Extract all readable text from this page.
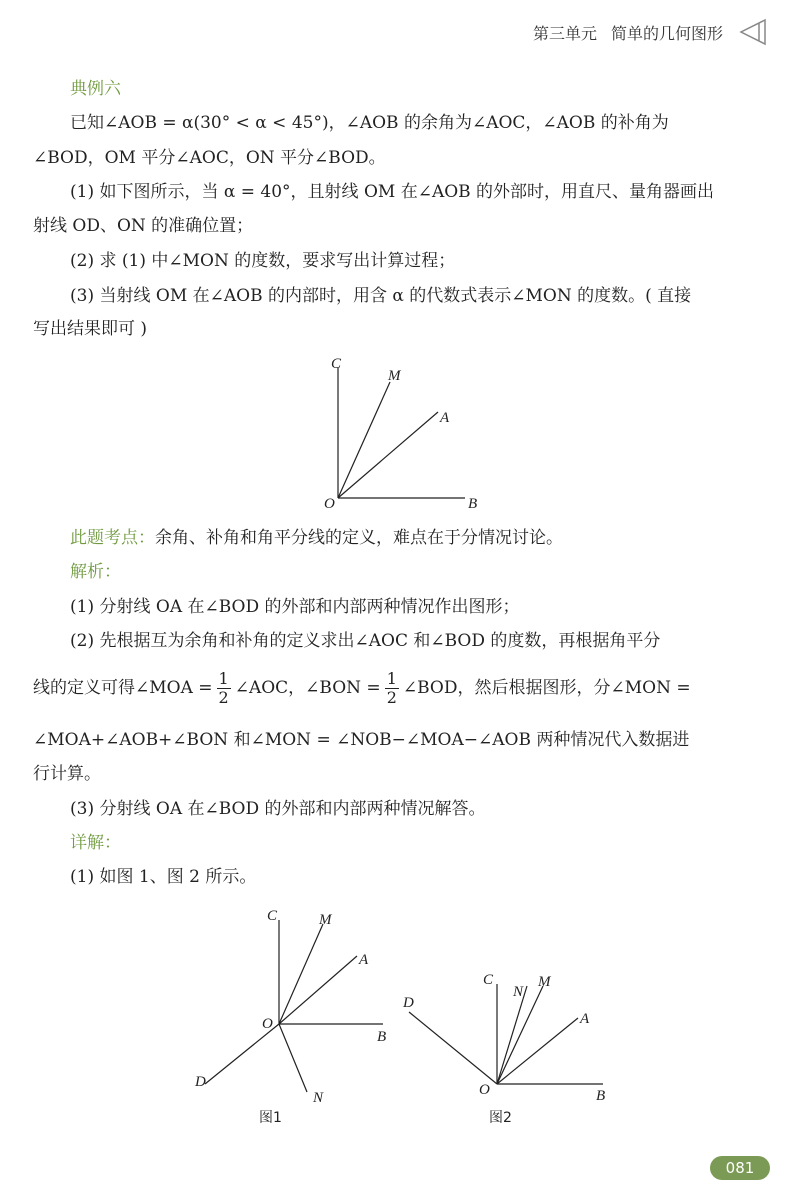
第三单元 简单的几何图形
典例六
已知∠AOB = α(30° < α < 45°)，∠AOB 的余角为∠AOC，∠AOB 的补角为
∠BOD，OM 平分∠AOC，ON 平分∠BOD。
(1) 如下图所示，当 α = 40°，且射线 OM 在∠AOB 的外部时，用直尺、量角器画出
射线 OD、ON 的准确位置；
(2) 求 (1) 中∠MON 的度数，要求写出计算过程；
(3) 当射线 OM 在∠AOB 的内部时，用含 α 的代数式表示∠MON 的度数。( 直接
写出结果即可 )
C
M
A
O	B
此题考点：余角、补角和角平分线的定义，难点在于分情况讨论。
解析：
(1) 分射线 OA 在∠BOD 的外部和内部两种情况作出图形；
(2) 先根据互为余角和补角的定义求出∠AOC 和∠BOD 的度数，再根据角平分
线的定义可得∠MOA = $\frac{1}{2}$ ∠AOC，∠BON = $\frac{1}{2}$ ∠BOD，然后根据图形，分∠MON =
∠MOA+∠AOB+∠BON 和∠MON = ∠NOB−∠MOA−∠AOB 两种情况代入数据进
行计算。
(3) 分射线 OA 在∠BOD 的外部和内部两种情况解答。
详解：
(1) 如图 1、图 2 所示。
C	M
A
O
B
D
N
图1
C
N
M
D
A
O	B
图2
081
